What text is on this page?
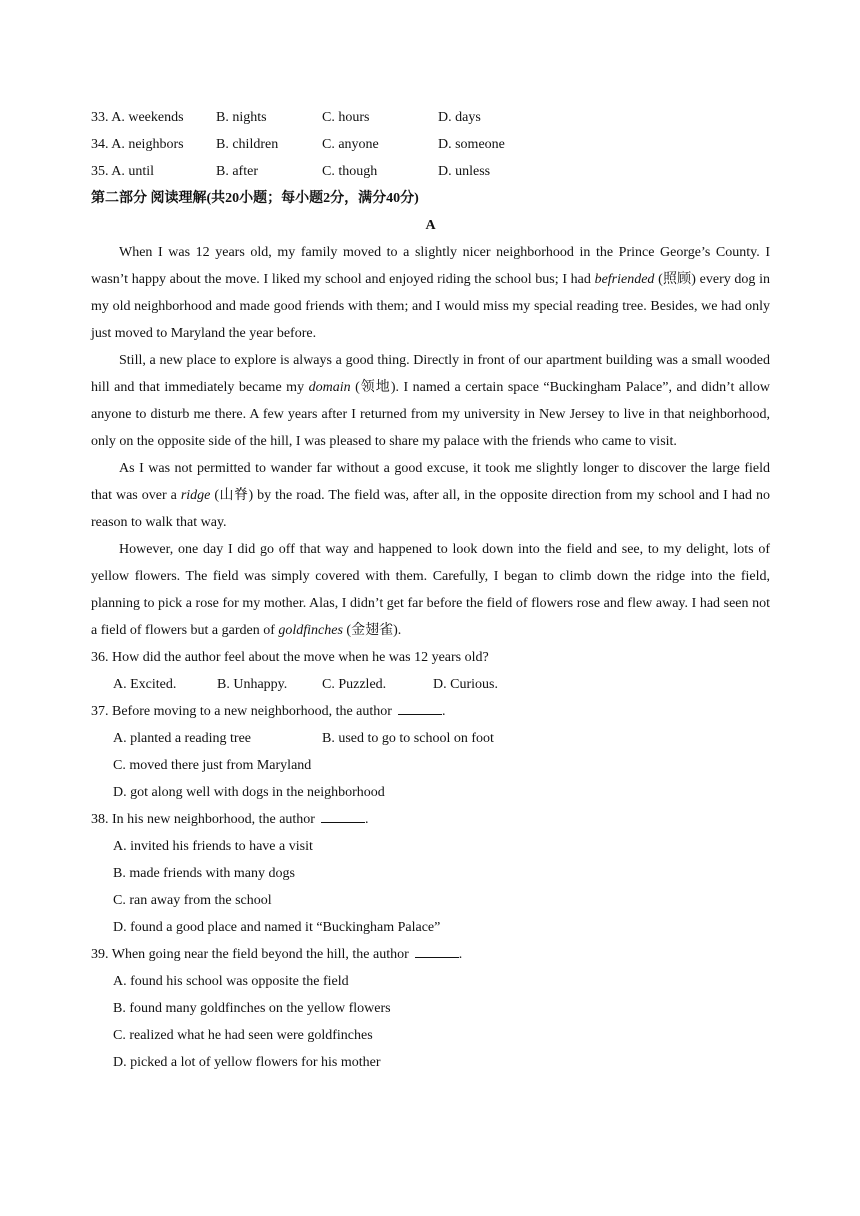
33. A. weekends	B. nights	C. hours	D. days
34. A. neighbors	B. children	C. anyone	D. someone
35. A. until	B. after	C. though	D. unless
第二部分 阅读理解(共20小题；每小题2分，满分40分)
A

When I was 12 years old, my family moved to a slightly nicer neighborhood in the Prince George’s County. I wasn’t happy about the move. I liked my school and enjoyed riding the school bus; I had befriended (照顾) every dog in my old neighborhood and made good friends with them; and I would miss my special reading tree. Besides, we had only just moved to Maryland the year before.

Still, a new place to explore is always a good thing. Directly in front of our apartment building was a small wooded hill and that immediately became my domain (领地). I named a certain space “Buckingham Palace”, and didn’t allow anyone to disturb me there. A few years after I returned from my university in New Jersey to live in that neighborhood, only on the opposite side of the hill, I was pleased to share my palace with the friends who came to visit.

As I was not permitted to wander far without a good excuse, it took me slightly longer to discover the large field that was over a ridge (山脊) by the road. The field was, after all, in the opposite direction from my school and I had no reason to walk that way.

However, one day I did go off that way and happened to look down into the field and see, to my delight, lots of yellow flowers. The field was simply covered with them. Carefully, I began to climb down the ridge into the field, planning to pick a rose for my mother. Alas, I didn’t get far before the field of flowers rose and flew away. I had seen not a field of flowers but a garden of goldfinches (金翅雀).

36. How did the author feel about the move when he was 12 years old?
A. Excited.	B. Unhappy.	C. Puzzled.	D. Curious.
37. Before moving to a new neighborhood, the author	.
A. planted a reading tree	B. used to go to school on foot
C. moved there just from Maryland
D. got along well with dogs in the neighborhood
38. In his new neighborhood, the author	.
A. invited his friends to have a visit
B. made friends with many dogs
C. ran away from the school
D. found a good place and named it “Buckingham Palace”
39. When going near the field beyond the hill, the author	.
A. found his school was opposite the field
B. found many goldfinches on the yellow flowers
C. realized what he had seen were goldfinches
D. picked a lot of yellow flowers for his mother
